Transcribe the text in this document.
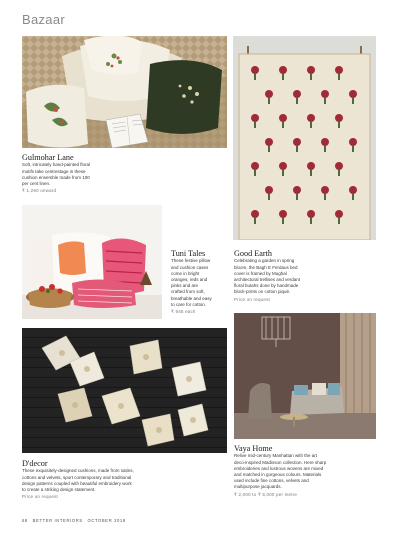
Bazaar
Gulmohar Lane
Soft, intricately hand-painted floral
motifs take centrestage in these
cushion ensemble made from 100
per cent linen.
₹ 1,290 onward
Tuni Tales
These festive pillow
and cushion cases
come in bright
oranges, reds and
pinks and are
crafted from soft,
breathable and easy
to care for cotton.
₹ 945 each
Good Earth
Celebrating a garden in spring
bloom, the Bagh E Ferdaus bed
cover is framed by Mughal
architectural trellises and verdant
floral butahs done by handmade
block-prints on cotton piqué.
Price on request
Vaya Home
Relive mid-century Manhattan with the art
deco-inspired Madisson collection. Here sharp
embroideries and lustrous wovens are mixed
and matched in gorgeous colours. Materials
used include fine cottons, velvets and
multipurpose jacquards.
₹ 2,000 to ₹ 5,000 per metre
D'decor
These exquisitely-designed cushions, made from satins,
cottons and velvets, sport contemporary and traditional
design patterns coupled with beautiful embroidery work
to create a striking design statement.
Price on request
68 BETTER INTERIORS OCTOBER 2018
